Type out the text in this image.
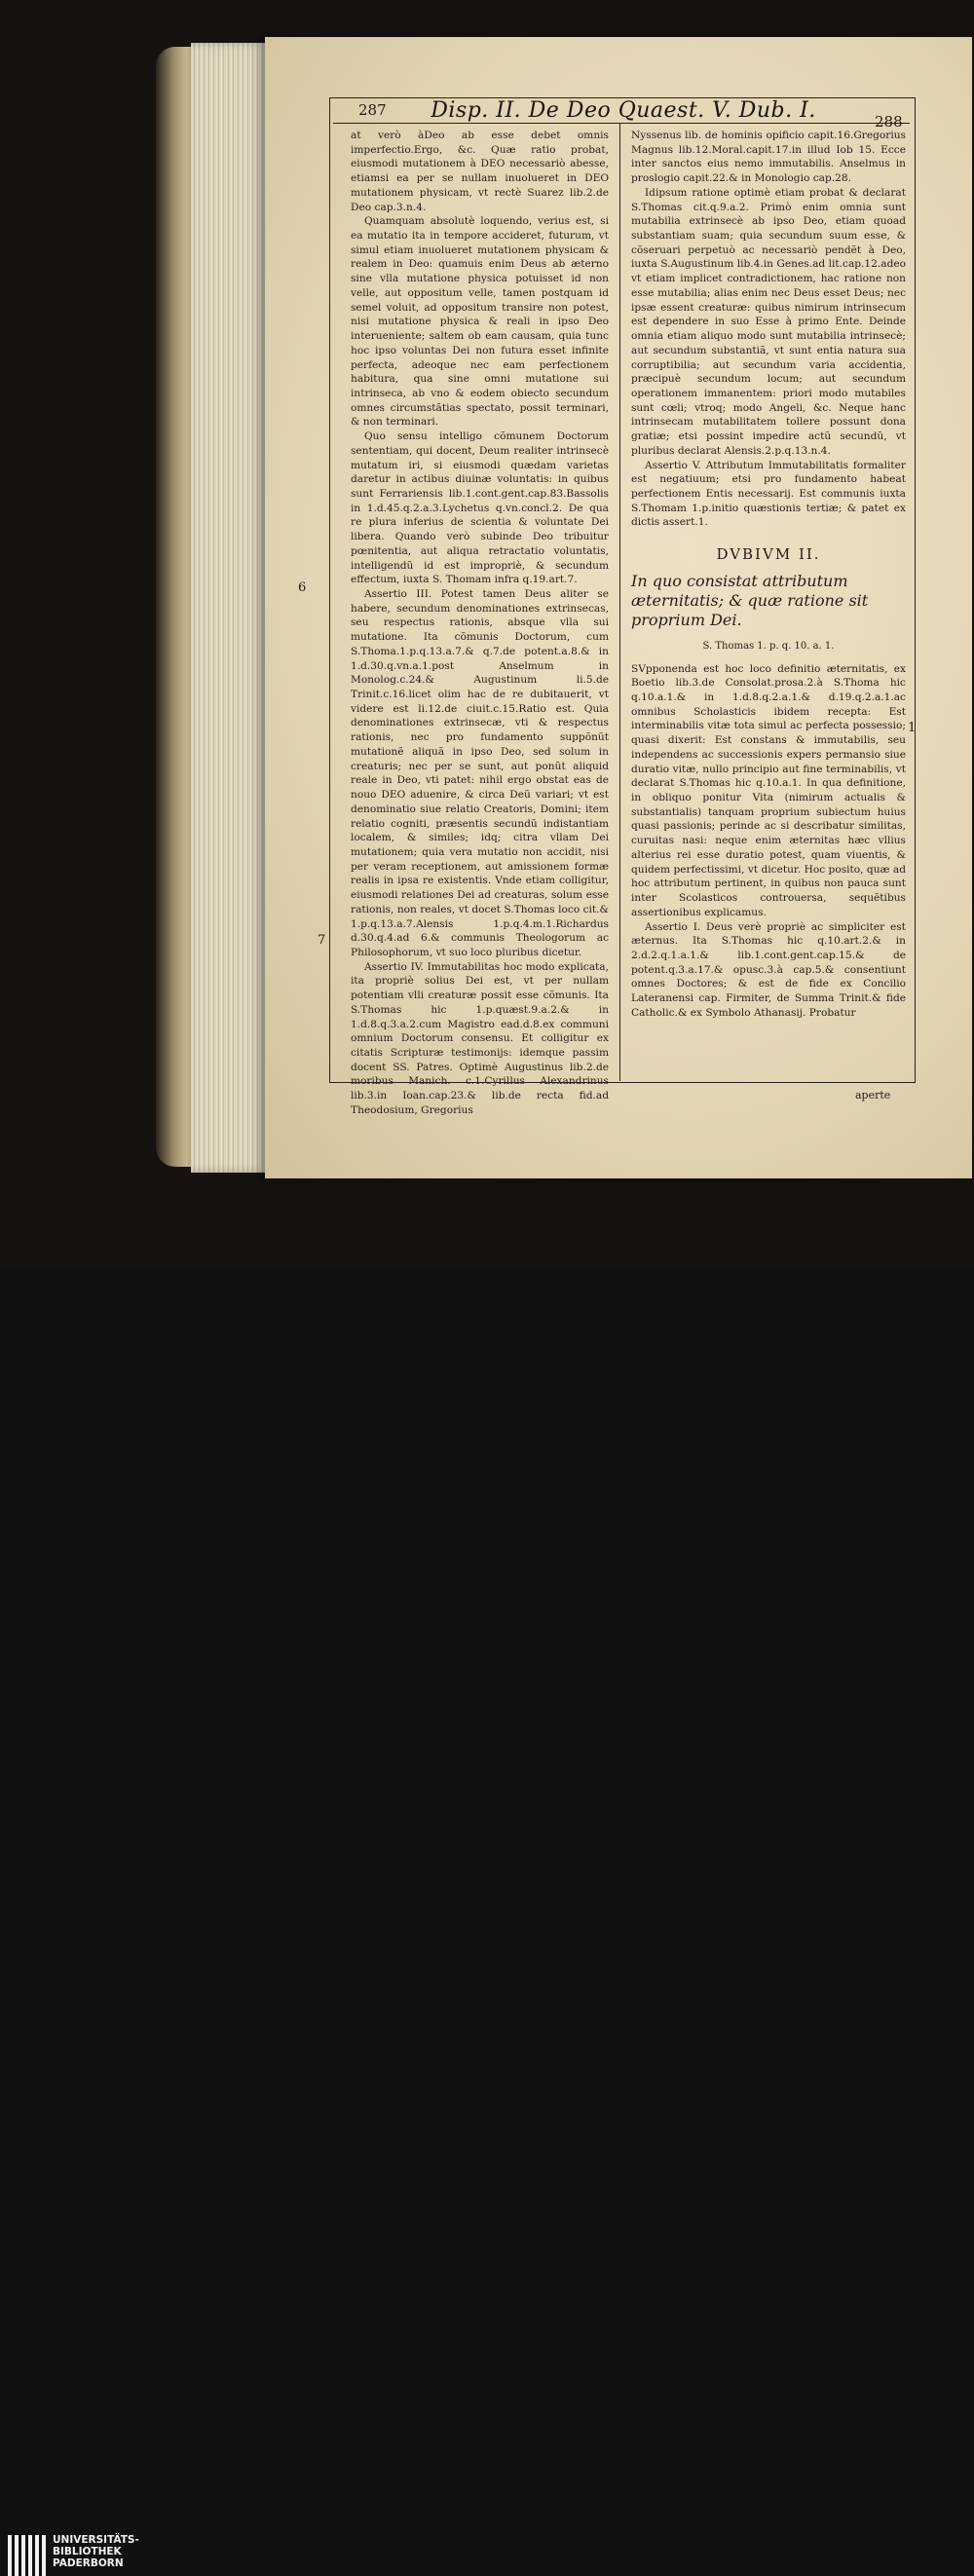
287	Disp. II. De Deo Quaest. V. Dub. I.	288
6
7
1

at verò àDeo ab esse debet omnis imperfectio.Ergo, &c. Quæ ratio probat, eiusmodi mutationem à DEO necessariò abesse, etiamsi ea per se nullam inuolueret in DEO mutationem physicam, vt rectè Suarez lib.2.de Deo cap.3.n.4.

Quamquam absolutè loquendo, verius est, si ea mutatio ita in tempore accideret, futurum, vt simul etiam inuolueret mutationem physicam & realem in Deo: quamuis enim Deus ab æterno sine vlla mutatione physica potuisset id non velle, aut oppositum velle, tamen postquam id semel voluit, ad oppositum transire non potest, nisi mutatione physica & reali in ipso Deo interueniente; saltem ob eam causam, quia tunc hoc ipso voluntas Dei non futura esset infinite perfecta, adeoque nec eam perfectionem habitura, qua sine omni mutatione sui intrinseca, ab vno & eodem obiecto secundum omnes circumstãtias spectato, possit terminari, & non terminari.

Quo sensu intelligo cõmunem Doctorum sententiam, qui docent, Deum realiter intrinsecè mutatum iri, si eiusmodi quædam varietas daretur in actibus diuinæ voluntatis: in quibus sunt Ferrariensis lib.1.cont.gent.cap.83.Bassolis in 1.d.45.q.2.a.3.Lychetus q.vn.concl.2. De qua re plura inferius de scientia & voluntate Dei libera. Quando verò subinde Deo tribuitur pœnitentia, aut aliqua retractatio voluntatis, intelligendũ id est impropriè, & secundum effectum, iuxta S. Thomam infra q.19.art.7.

Assertio III. Potest tamen Deus aliter se habere, secundum denominationes extrinsecas, seu respectus rationis, absque vlla sui mutatione. Ita cõmunis Doctorum, cum S.Thoma.1.p.q.13.a.7.& q.7.de potent.a.8.& in 1.d.30.q.vn.a.1.post Anselmum in Monolog.c.24.& Augustinum li.5.de Trinit.c.16.licet olim hac de re dubitauerit, vt videre est li.12.de ciuit.c.15.Ratio est. Quia denominationes extrinsecæ, vti & respectus rationis, nec pro fundamento suppõnũt mutationẽ aliquã in ipso Deo, sed solum in creaturis; nec per se sunt, aut ponũt aliquid reale in Deo, vti patet: nihil ergo obstat eas de nouo DEO aduenire, & circa Deũ variari; vt est denominatio siue relatio Creatoris, Domini; item relatio cogniti, præsentis secundũ indistantiam localem, & similes; idq; citra vllam Dei mutationem; quia vera mutatio non accidit, nisi per veram receptionem, aut amissionem formæ realis in ipsa re existentis. Vnde etiam colligitur, eiusmodi relationes Dei ad creaturas, solum esse rationis, non reales, vt docet S.Thomas loco cit.& 1.p.q.13.a.7.Alensis 1.p.q.4.m.1.Richardus d.30.q.4.ad 6.& communis Theologorum ac Philosophorum, vt suo loco pluribus dicetur.

Assertio IV. Immutabilitas hoc modo explicata, ita propriè solius Dei est, vt per nullam potentiam vlli creaturæ possit esse cõmunis. Ita S.Thomas hic 1.p.quæst.9.a.2.& in 1.d.8.q.3.a.2.cum Magistro ead.d.8.ex communi omnium Doctorum consensu. Et colligitur ex citatis Scripturæ testimonijs: idemque passim docent SS. Patres. Optimè Augustinus lib.2.de moribus Manich. c.1.Cyrillus Alexandrinus lib.3.in Ioan.cap.23.& lib.de recta fid.ad Theodosium, Gregorius

Nyssenus lib. de hominis opificio capit.16.Gregorius Magnus lib.12.Moral.capit.17.in illud Iob 15. Ecce inter sanctos eius nemo immutabilis. Anselmus in proslogio capit.22.& in Monologio cap.28.

Idipsum ratione optimè etiam probat & declarat S.Thomas cit.q.9.a.2. Primò enim omnia sunt mutabilia extrinsecè ab ipso Deo, etiam quoad substantiam suam; quia secundum suum esse, & cõseruari perpetuò ac necessariò pendẽt à Deo, iuxta S.Augustinum lib.4.in Genes.ad lit.cap.12.adeo vt etiam implicet contradictionem, hac ratione non esse mutabilia; alias enim nec Deus esset Deus; nec ipsæ essent creaturæ: quibus nimirum intrinsecum est dependere in suo Esse à primo Ente. Deinde omnia etiam aliquo modo sunt mutabilia intrinsecè; aut secundum substantiã, vt sunt entia natura sua corruptibilia; aut secundum varia accidentia, præcipuè secundum locum; aut secundum operationem immanentem: priori modo mutabiles sunt cœli; vtroq; modo Angeli, &c. Neque hanc intrinsecam mutabilitatem tollere possunt dona gratiæ; etsi possint impedire actũ secundũ, vt pluribus declarat Alensis.2.p.q.13.n.4.

Assertio V. Attributum Immutabilitatis formaliter est negatiuum; etsi pro fundamento habeat perfectionem Entis necessarij. Est communis iuxta S.Thomam 1.p.initio quæstionis tertiæ; & patet ex dictis assert.1.

DVBIVM II.
In quo consistat attributum æternitatis; & quæ ratione sit proprium Dei.
S. Thomas 1. p. q. 10. a. 1.

SVpponenda est hoc loco definitio æternitatis, ex Boetio lib.3.de Consolat.prosa.2.à S.Thoma hic q.10.a.1.& in 1.d.8.q.2.a.1.& d.19.q.2.a.1.ac omnibus Scholasticis ibidem recepta: Est interminabilis vitæ tota simul ac perfecta possessio; quasi dixerit: Est constans & immutabilis, seu independens ac successionis expers permansio siue duratio vitæ, nullo principio aut fine terminabilis, vt declarat S.Thomas hic q.10.a.1. In qua definitione, in obliquo ponitur Vita (nimirum actualis & substantialis) tanquam proprium subiectum huius quasi passionis; perinde ac si describatur similitas, curuitas nasi: neque enim æternitas hæc vllius alterius rei esse duratio potest, quam viuentis, & quidem perfectissimi, vt dicetur. Hoc posito, quæ ad hoc attributum pertinent, in quibus non pauca sunt inter Scolasticos controuersa, sequẽtibus assertionibus explicamus.

Assertio I. Deus verè propriè ac simpliciter est æternus. Ita S.Thomas hic q.10.art.2.& in 2.d.2.q.1.a.1.& lib.1.cont.gent.cap.15.& de potent.q.3.a.17.& opusc.3.à cap.5.& consentiunt omnes Doctores; & est de fide ex Concilio Lateranensi cap. Firmiter, de Summa Trinit.& fide Catholic.& ex Symbolo Athanasij. Probatur

aperte
UNIVERSITÄTS-
BIBLIOTHEK
PADERBORN
